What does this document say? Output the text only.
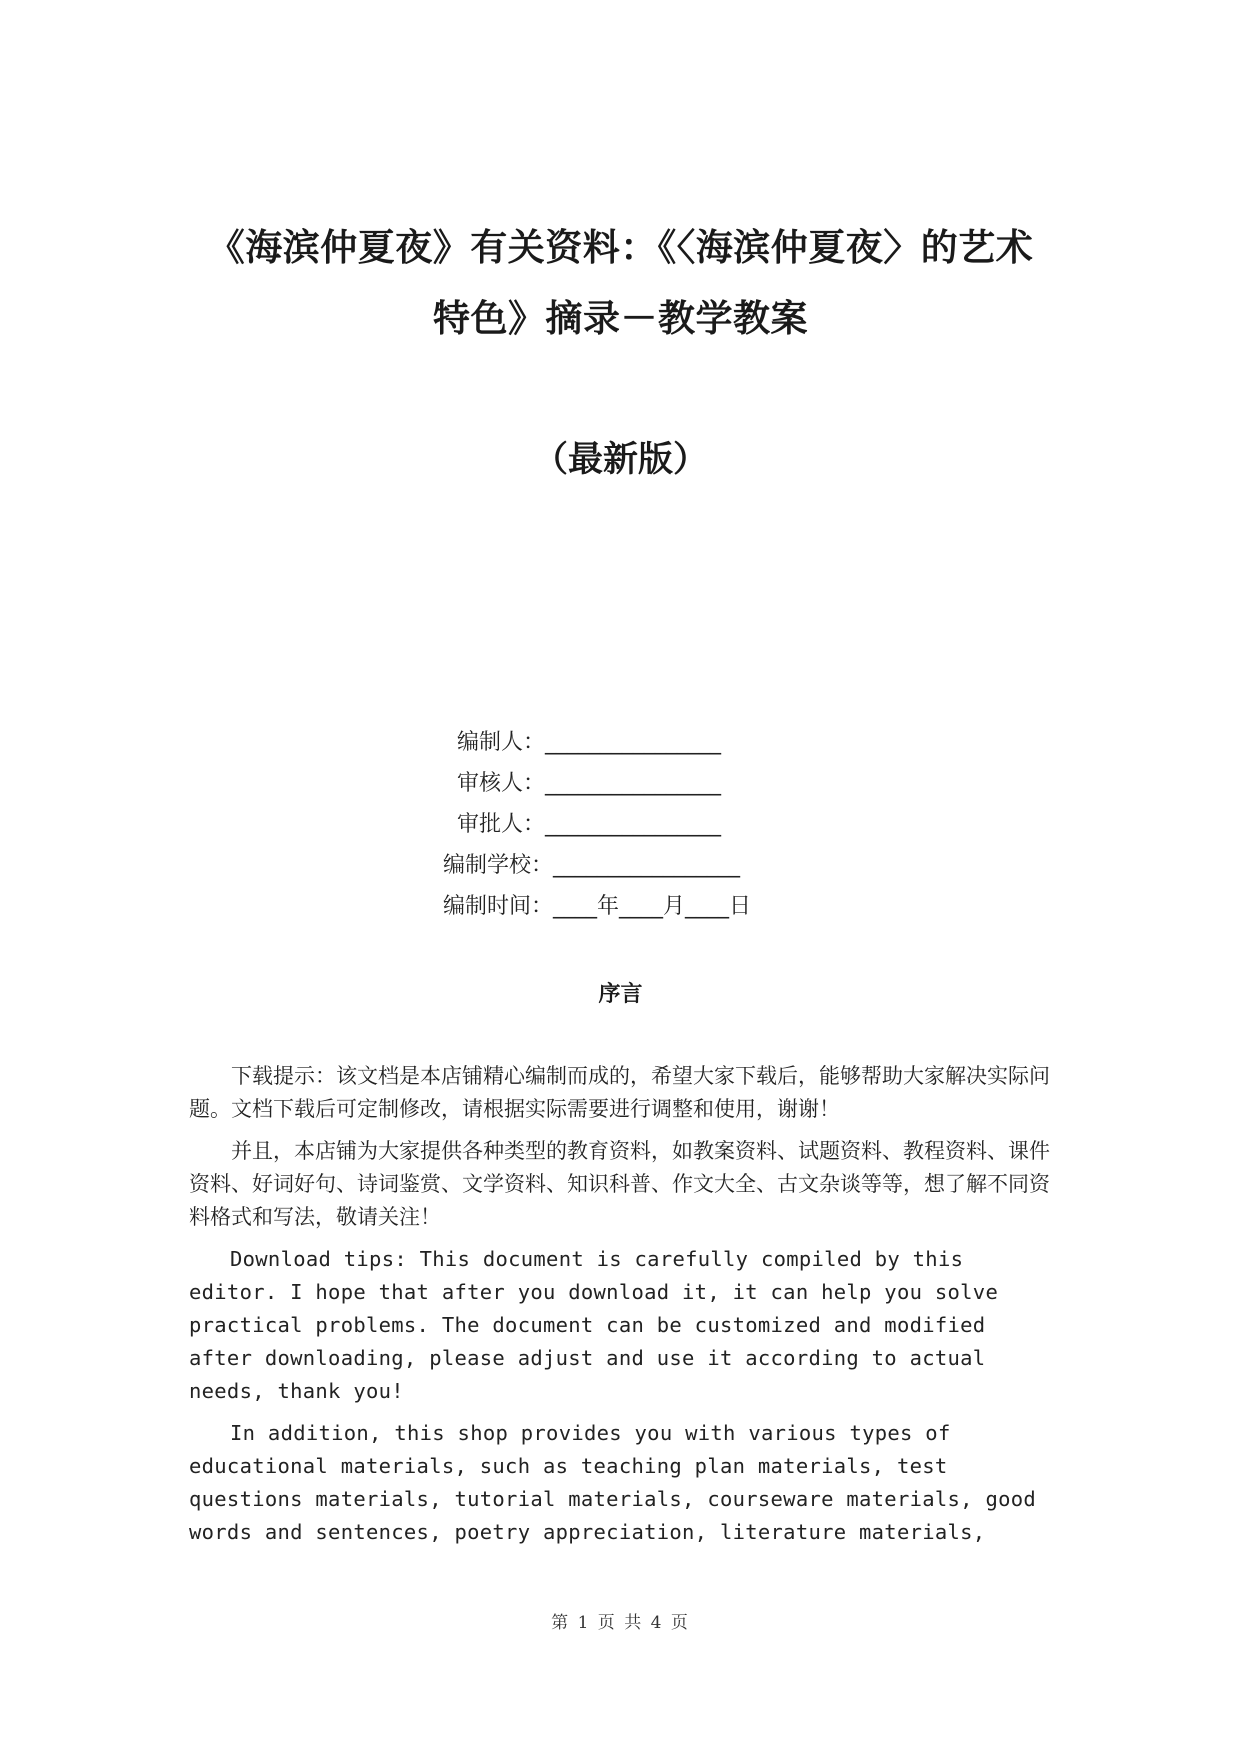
《海滨仲夏夜》有关资料：《〈海滨仲夏夜〉的艺术
特色》摘录－教学教案
（最新版）
编制人：________________
审核人：________________
审批人：________________
编制学校：_________________
编制时间：____年____月____日
序言

下载提示：该文档是本店铺精心编制而成的，希望大家下载后，能够帮助大家解决实际问题。文档下载后可定制修改，请根据实际需要进行调整和使用，谢谢！

并且，本店铺为大家提供各种类型的教育资料，如教案资料、试题资料、教程资料、课件资料、好词好句、诗词鉴赏、文学资料、知识科普、作文大全、古文杂谈等等，想了解不同资料格式和写法，敬请关注！

Download tips: This document is carefully compiled by this editor. I hope that after you download it, it can help you solve practical problems. The document can be customized and modified after downloading, please adjust and use it according to actual needs, thank you!

In addition, this shop provides you with various types of educational materials, such as teaching plan materials, test questions materials, tutorial materials, courseware materials, good words and sentences, poetry appreciation, literature materials,

第 1 页 共 4 页
